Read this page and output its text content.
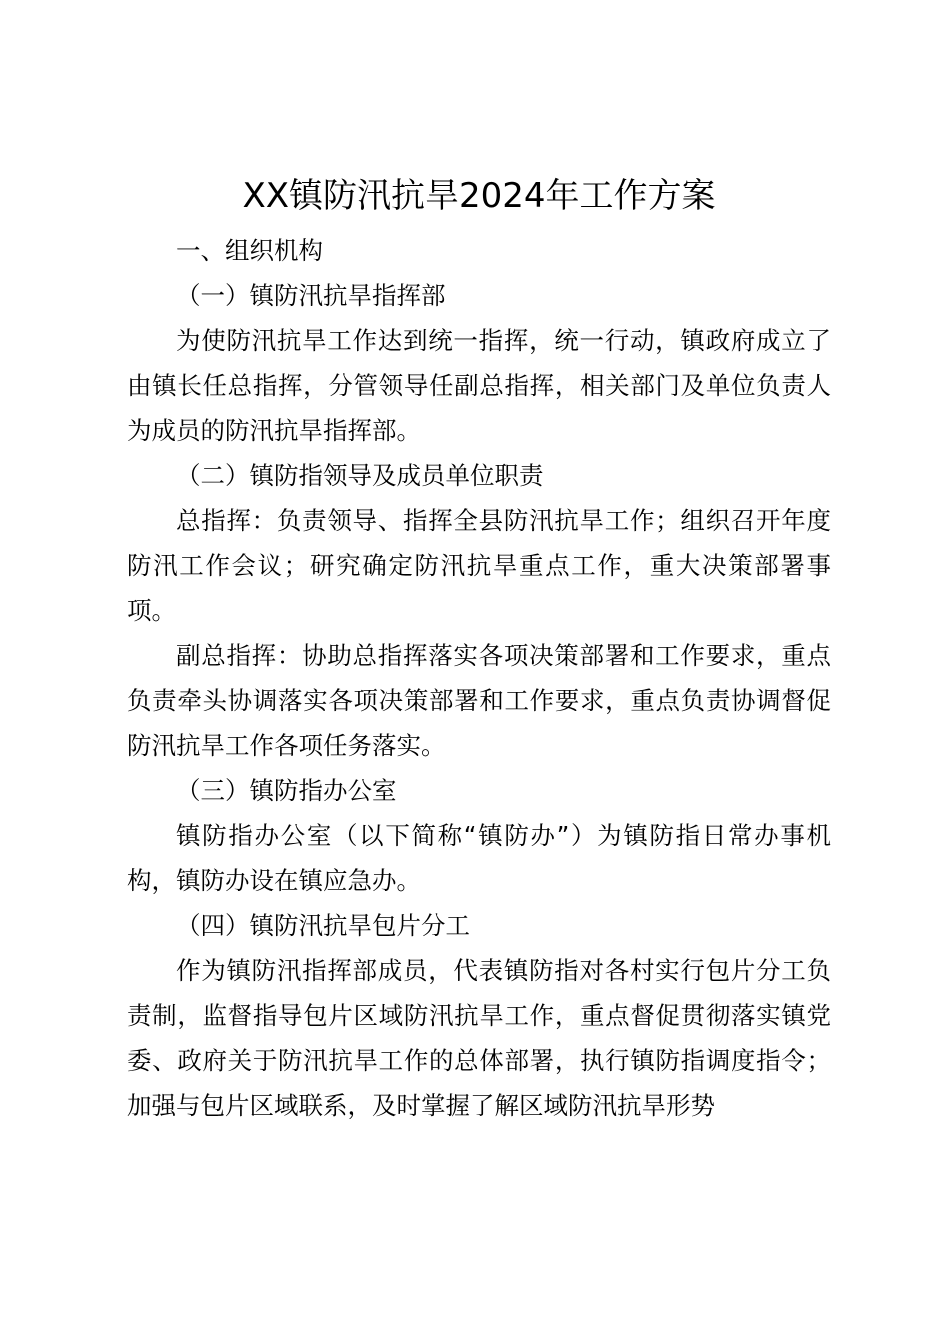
XX镇防汛抗旱2024年工作方案

一、组织机构

（一）镇防汛抗旱指挥部

为使防汛抗旱工作达到统一指挥，统一行动，镇政府成立了由镇长任总指挥，分管领导任副总指挥，相关部门及单位负责人为成员的防汛抗旱指挥部。

（二）镇防指领导及成员单位职责

总指挥：负责领导、指挥全县防汛抗旱工作；组织召开年度防汛工作会议；研究确定防汛抗旱重点工作，重大决策部署事项。

副总指挥：协助总指挥落实各项决策部署和工作要求，重点负责牵头协调落实各项决策部署和工作要求，重点负责协调督促防汛抗旱工作各项任务落实。

（三）镇防指办公室

镇防指办公室（以下简称“镇防办”）为镇防指日常办事机构，镇防办设在镇应急办。

（四）镇防汛抗旱包片分工

作为镇防汛指挥部成员，代表镇防指对各村实行包片分工负责制，监督指导包片区域防汛抗旱工作，重点督促贯彻落实镇党委、政府关于防汛抗旱工作的总体部署，执行镇防指调度指令；加强与包片区域联系，及时掌握了解区域防汛抗旱形势
